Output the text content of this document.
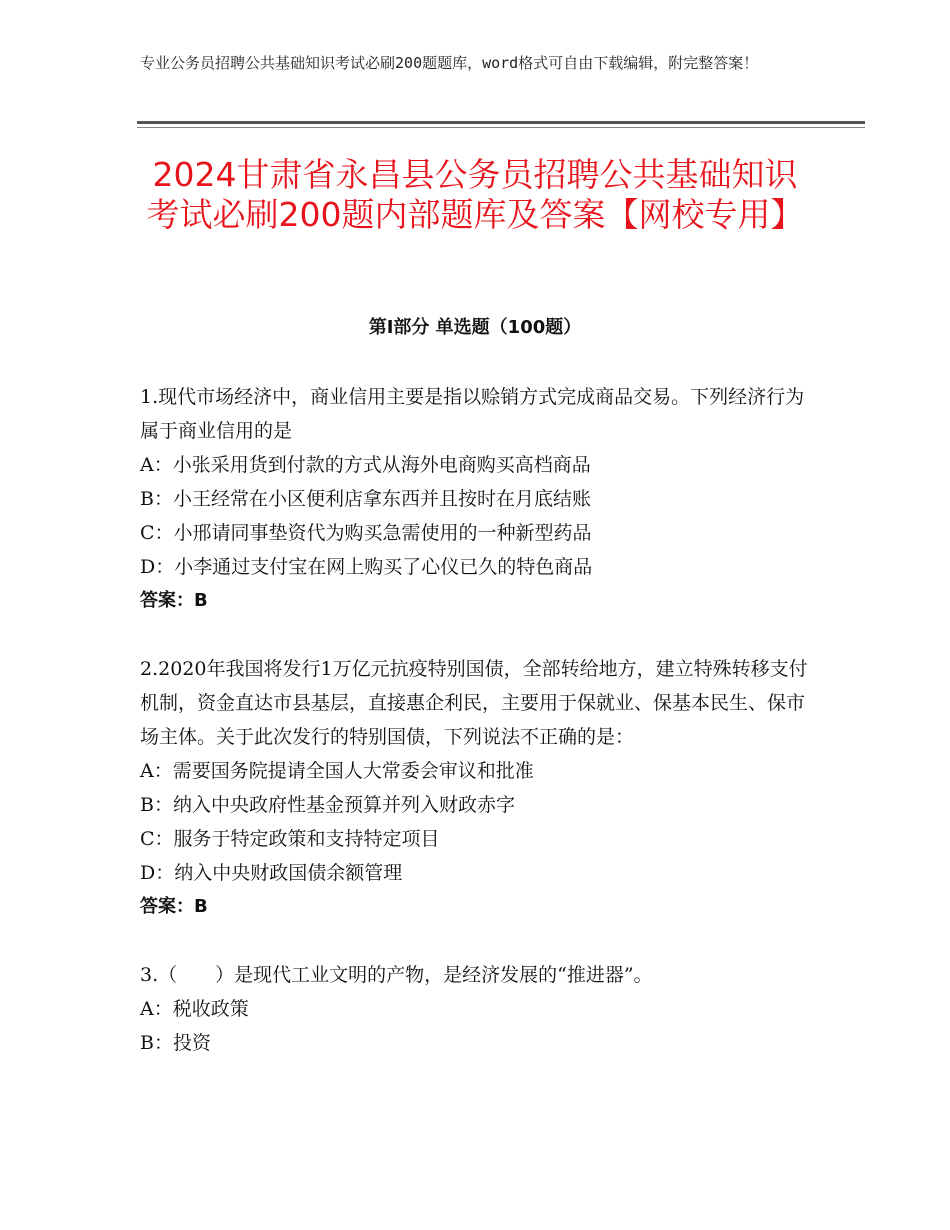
专业公务员招聘公共基础知识考试必刷200题题库，word格式可自由下载编辑，附完整答案！
2024甘肃省永昌县公务员招聘公共基础知识考试必刷200题内部题库及答案【网校专用】
第Ⅰ部分 单选题（100题）

1.现代市场经济中，商业信用主要是指以赊销方式完成商品交易。下列经济行为属于商业信用的是

A：小张采用货到付款的方式从海外电商购买高档商品

B：小王经常在小区便利店拿东西并且按时在月底结账

C：小邢请同事垫资代为购买急需使用的一种新型药品

D：小李通过支付宝在网上购买了心仪已久的特色商品

答案：B

2.2020年我国将发行1万亿元抗疫特别国债，全部转给地方，建立特殊转移支付机制，资金直达市县基层，直接惠企利民，主要用于保就业、保基本民生、保市场主体。关于此次发行的特别国债，下列说法不正确的是：

A：需要国务院提请全国人大常委会审议和批准

B：纳入中央政府性基金预算并列入财政赤字

C：服务于特定政策和支持特定项目

D：纳入中央财政国债余额管理

答案：B

3.（　　）是现代工业文明的产物，是经济发展的“推进器”。

A：税收政策

B：投资
